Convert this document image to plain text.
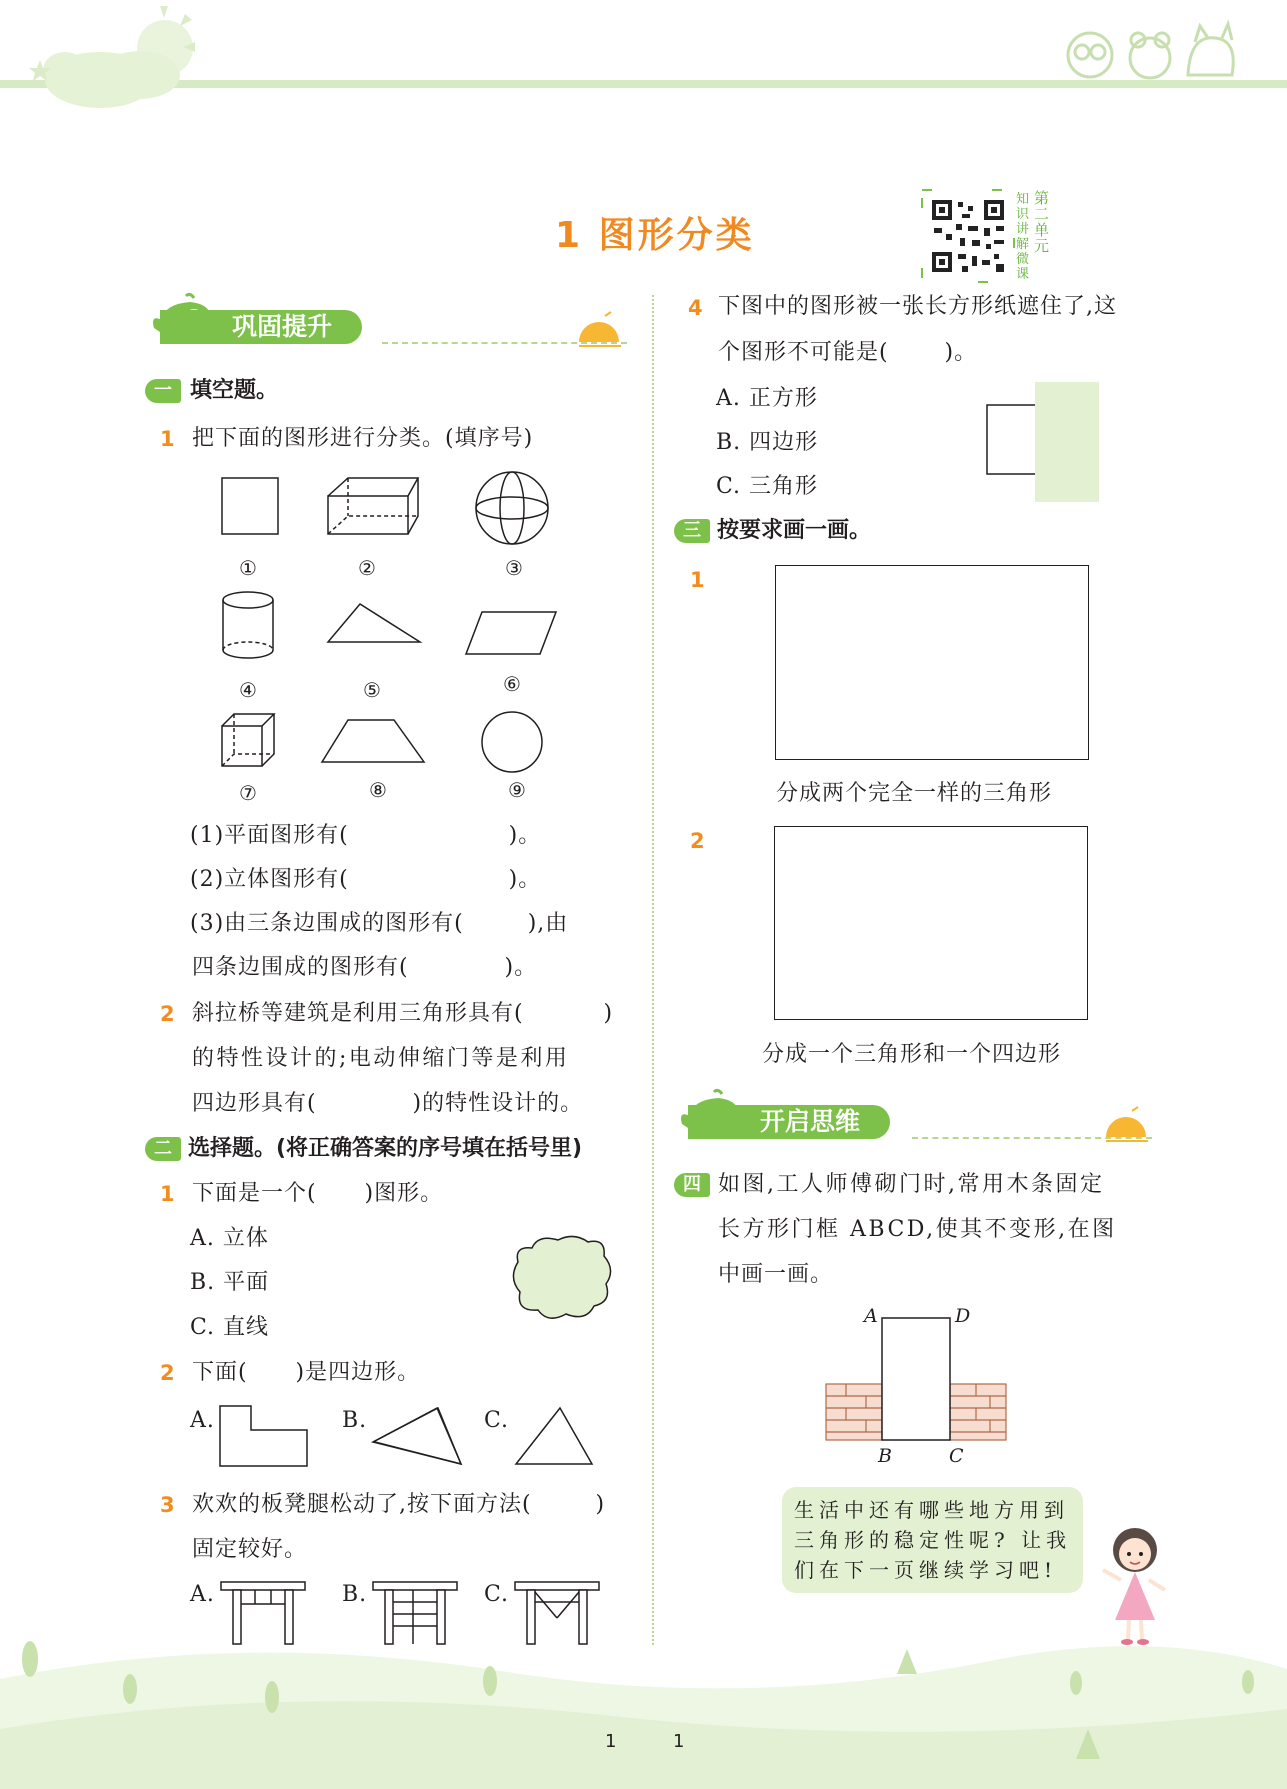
1 图形分类
第二单元
知识讲解微课
巩固提升
一 填空题。
1 把下面的图形进行分类。(填序号)
①	②	③
④	⑤	⑥
⑦	⑧	⑨
(1)平面图形有(                    )。
(2)立体图形有(                    )。
(3)由三条边围成的图形有(        ),由
四条边围成的图形有(            )。
2 斜拉桥等建筑是利用三角形具有(          )
的特性设计的;电动伸缩门等是利用
四边形具有(            )的特性设计的。
二 选择题。(将正确答案的序号填在括号里)
1 下面是一个(      )图形。
A. 立体
B. 平面
C. 直线
2 下面(      )是四边形。
A.	B.	C.
3 欢欢的板凳腿松动了,按下面方法(        )
固定较好。
A.	B.	C.
4 下图中的图形被一张长方形纸遮住了,这
个图形不可能是(       )。
A. 正方形
B. 四边形
C. 三角形
三 按要求画一画。
1
分成两个完全一样的三角形
2
分成一个三角形和一个四边形
开启思维
四 如图,工人师傅砌门时,常用木条固定
长方形门框 ABCD,使其不变形,在图
中画一画。
A	D
B	C
生活中还有哪些地方用到
三角形的稳定性呢? 让我
们在下一页继续学习吧!
1	1
